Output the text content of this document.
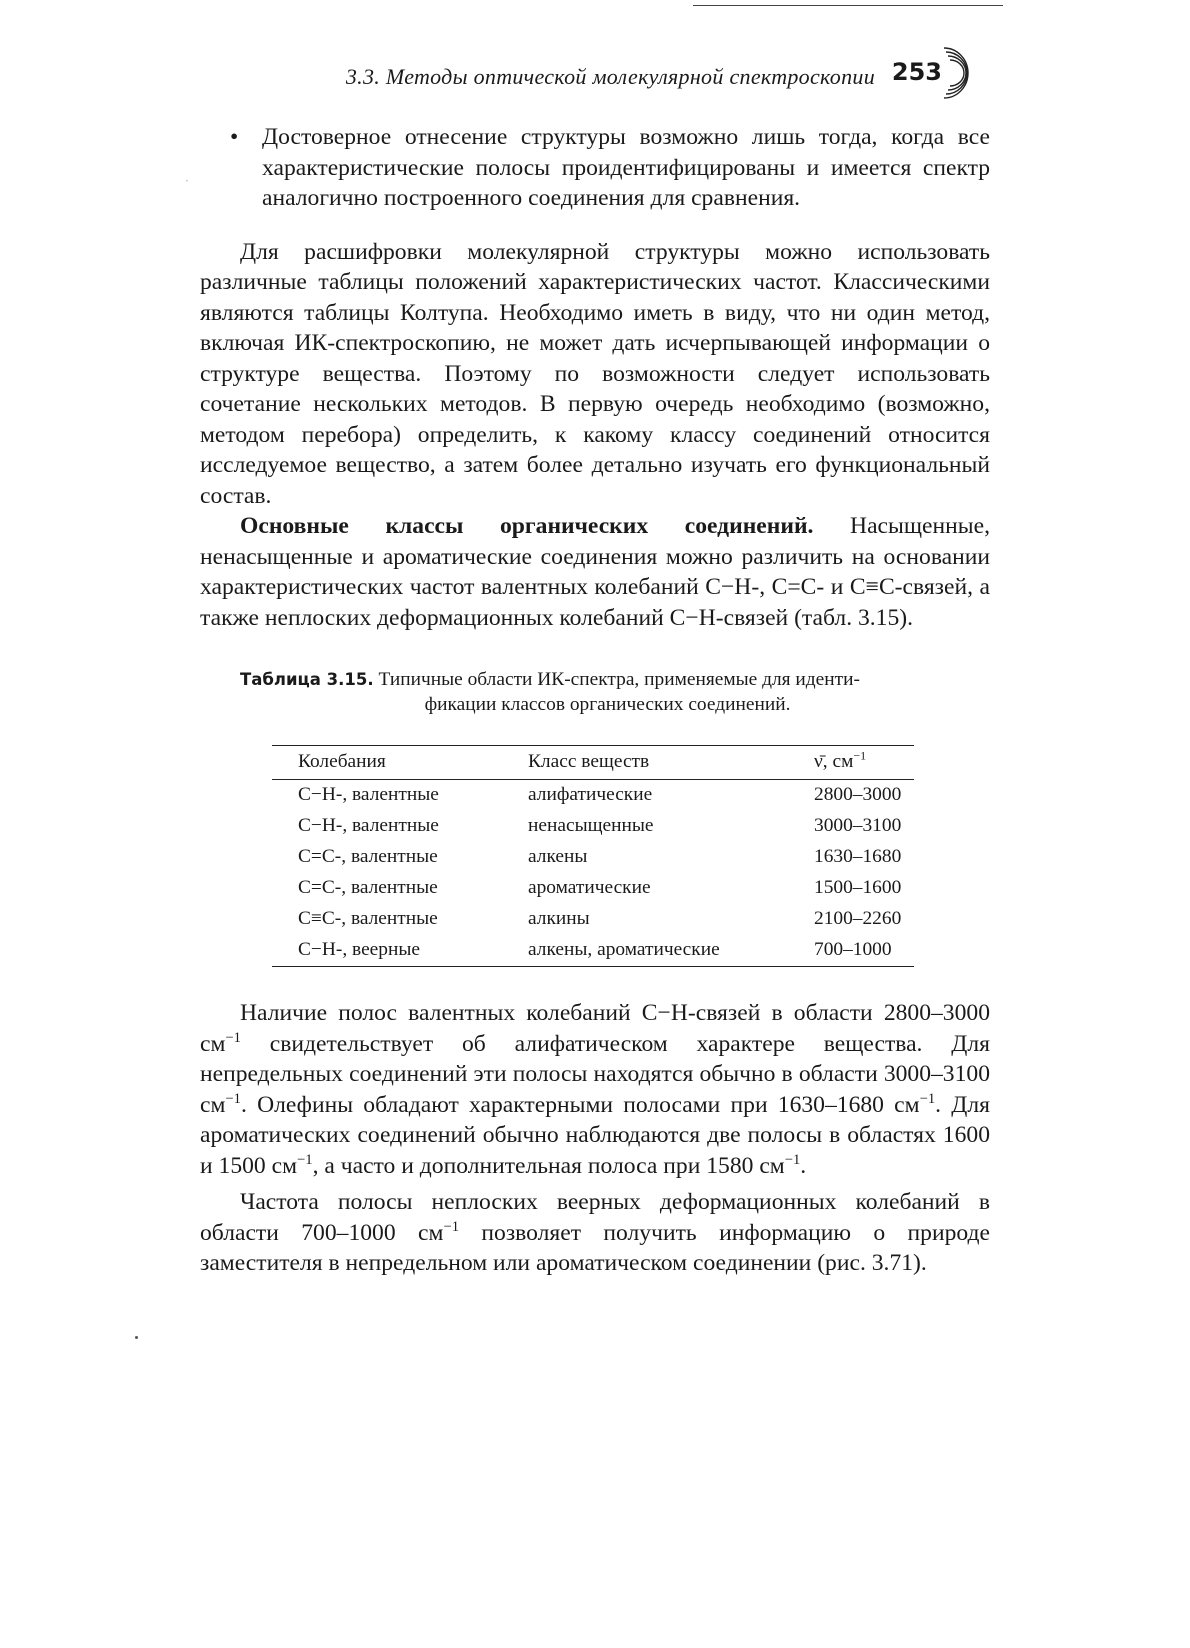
3.3. Методы оптической молекулярной спектроскопии 253
·
• Достоверное отнесение структуры возможно лишь тогда, когда все характеристические полосы проидентифицированы и имеется спектр аналогично построенного соединения для сравнения.

Для расшифровки молекулярной структуры можно использовать различные таблицы положений характеристических частот. Классическими являются таблицы Колтупа. Необходимо иметь в виду, что ни один метод, включая ИК-спектроскопию, не может дать исчерпывающей информации о структуре вещества. Поэтому по возможности следует использовать сочетание нескольких методов. В первую очередь необходимо (возможно, методом перебора) определить, к какому классу соединений относится исследуемое вещество, а затем более детально изучать его функциональный состав.

Основные классы органических соединений. Насыщенные, ненасыщенные и ароматические соединения можно различить на основании характеристических частот валентных колебаний С−Н-, С=С- и С≡С-связей, а также неплоских деформационных колебаний С−Н-связей (табл. 3.15).

Таблица 3.15. Типичные области ИК-спектра, применяемые для иденти-
фикации классов органических соединений.
Колебания	Класс веществ	ν̄, $см^{-1}$
С−Н-, валентные	алифатические	2800–3000
С−Н-, валентные	ненасыщенные	3000–3100
С=С-, валентные	алкены	1630–1680
С=С-, валентные	ароматические	1500–1600
С≡С-, валентные	алкины	2100–2260
С−Н-, веерные	алкены, ароматические	700–1000

Наличие полос валентных колебаний С−Н-связей в области 2800–3000 $см^{-1}$ свидетельствует об алифатическом характере вещества. Для непредельных соединений эти полосы находятся обычно в области 3000–3100 $см^{-1}$. Олефины обладают характерными полосами при 1630–1680 $см^{-1}$. Для ароматических соединений обычно наблюдаются две полосы в областях 1600 и 1500 $см^{-1}$, а часто и дополнительная полоса при 1580 $см^{-1}$.

Частота полосы неплоских веерных деформационных колебаний в области 700–1000 $см^{-1}$ позволяет получить информацию о природе заместителя в непредельном или ароматическом соединении (рис. 3.71).
